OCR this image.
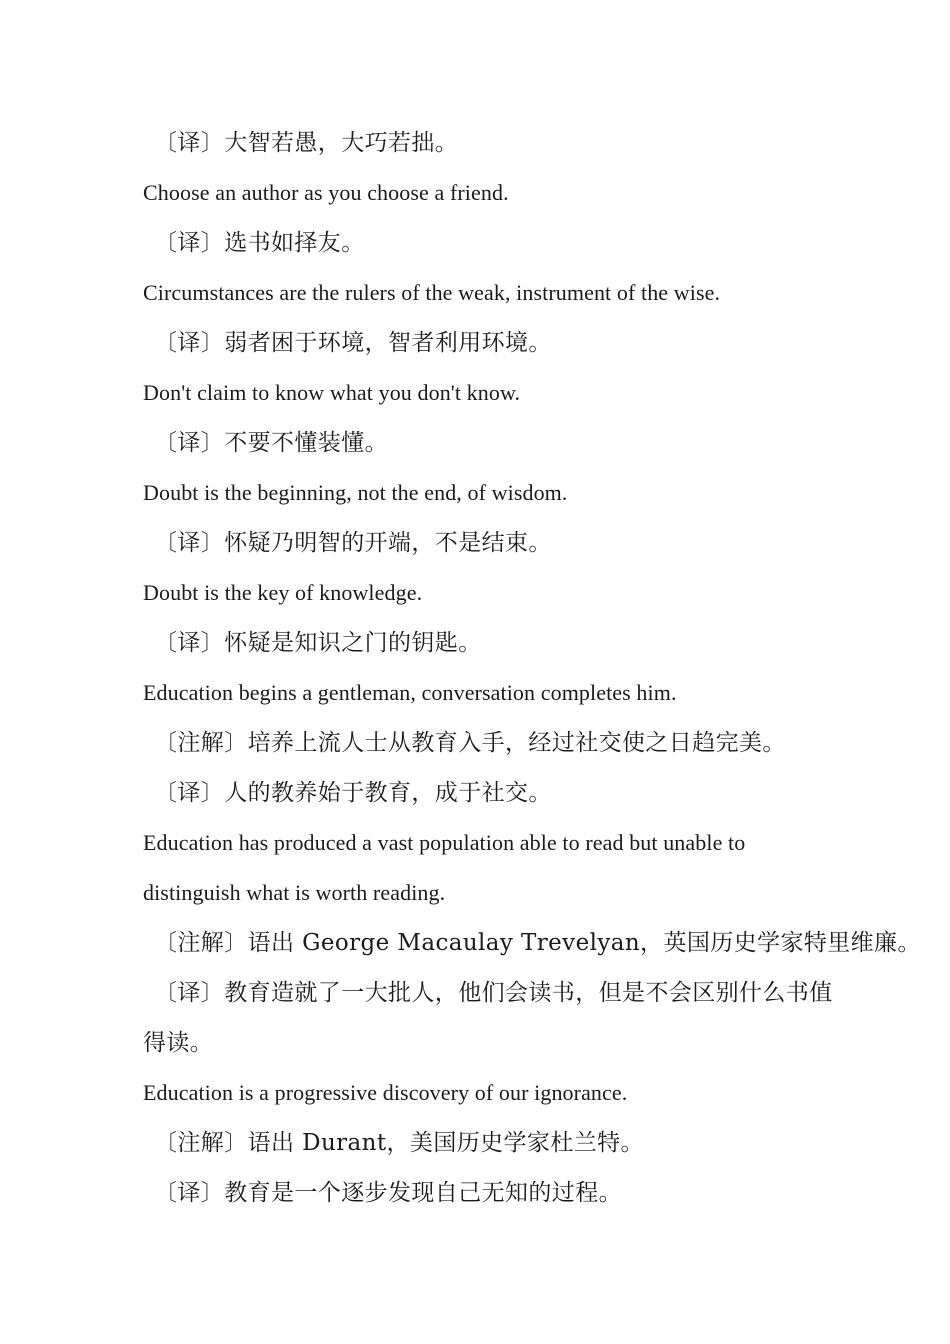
〔译〕大智若愚，大巧若拙。
Choose an author as you choose a friend.
〔译〕选书如择友。
Circumstances are the rulers of the weak, instrument of the wise.
〔译〕弱者困于环境，智者利用环境。
Don't claim to know what you don't know.
〔译〕不要不懂装懂。
Doubt is the beginning, not the end, of wisdom.
〔译〕怀疑乃明智的开端，不是结束。
Doubt is the key of knowledge.
〔译〕怀疑是知识之门的钥匙。
Education begins a gentleman, conversation completes him.
〔注解〕培养上流人士从教育入手，经过社交使之日趋完美。
〔译〕人的教养始于教育，成于社交。
Education has produced a vast population able to read but unable to
distinguish what is worth reading.
〔注解〕语出 George Macaulay Trevelyan，英国历史学家特里维廉。
〔译〕教育造就了一大批人，他们会读书，但是不会区别什么书值
得读。
Education is a progressive discovery of our ignorance.
〔注解〕语出 Durant，美国历史学家杜兰特。
〔译〕教育是一个逐步发现自己无知的过程。
